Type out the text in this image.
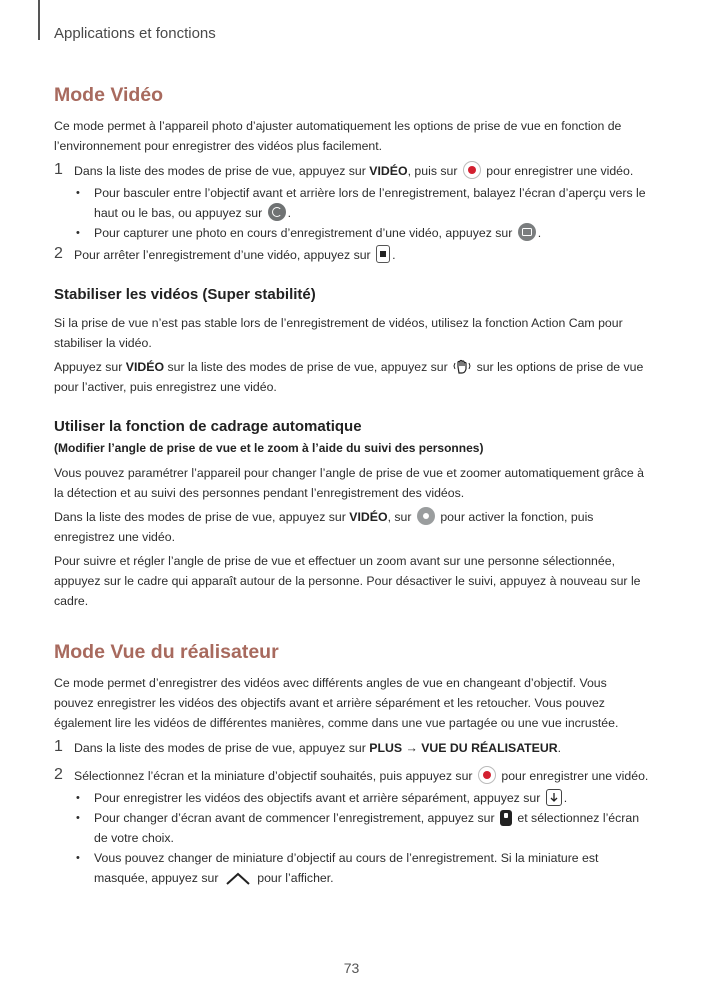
Applications et fonctions
Mode Vidéo

Ce mode permet à l’appareil photo d’ajuster automatiquement les options de prise de vue en fonction de l’environnement pour enregistrer des vidéos plus facilement.

1 Dans la liste des modes de prise de vue, appuyez sur VIDÉO, puis sur  pour enregistrer une vidéo.
• Pour basculer entre l’objectif avant et arrière lors de l’enregistrement, balayez l’écran d’aperçu vers le haut ou le bas, ou appuyez sur .
• Pour capturer une photo en cours d’enregistrement d’une vidéo, appuyez sur .
2 Pour arrêter l’enregistrement d’une vidéo, appuyez sur .
Stabiliser les vidéos (Super stabilité)

Si la prise de vue n’est pas stable lors de l’enregistrement de vidéos, utilisez la fonction Action Cam pour stabiliser la vidéo.

Appuyez sur VIDÉO sur la liste des modes de prise de vue, appuyez sur  sur les options de prise de vue pour l’activer, puis enregistrez une vidéo.

Utiliser la fonction de cadrage automatique
(Modifier l’angle de prise de vue et le zoom à l’aide du suivi des personnes)

Vous pouvez paramétrer l’appareil pour changer l’angle de prise de vue et zoomer automatiquement grâce à la détection et au suivi des personnes pendant l’enregistrement des vidéos.

Dans la liste des modes de prise de vue, appuyez sur VIDÉO, sur  pour activer la fonction, puis enregistrez une vidéo.

Pour suivre et régler l’angle de prise de vue et effectuer un zoom avant sur une personne sélectionnée, appuyez sur le cadre qui apparaît autour de la personne. Pour désactiver le suivi, appuyez à nouveau sur le cadre.

Mode Vue du réalisateur

Ce mode permet d’enregistrer des vidéos avec différents angles de vue en changeant d’objectif. Vous pouvez enregistrer les vidéos des objectifs avant et arrière séparément et les retoucher. Vous pouvez également lire les vidéos de différentes manières, comme dans une vue partagée ou une vue incrustée.

1 Dans la liste des modes de prise de vue, appuyez sur PLUS → VUE DU RÉALISATEUR.
2 Sélectionnez l’écran et la miniature d’objectif souhaités, puis appuyez sur  pour enregistrer une vidéo.
• Pour enregistrer les vidéos des objectifs avant et arrière séparément, appuyez sur
.
• Pour changer d’écran avant de commencer l’enregistrement, appuyez sur  et sélectionnez l’écran de votre choix.
• Vous pouvez changer de miniature d’objectif au cours de l’enregistrement. Si la miniature est masquée, appuyez sur	pour l’afficher.
73
